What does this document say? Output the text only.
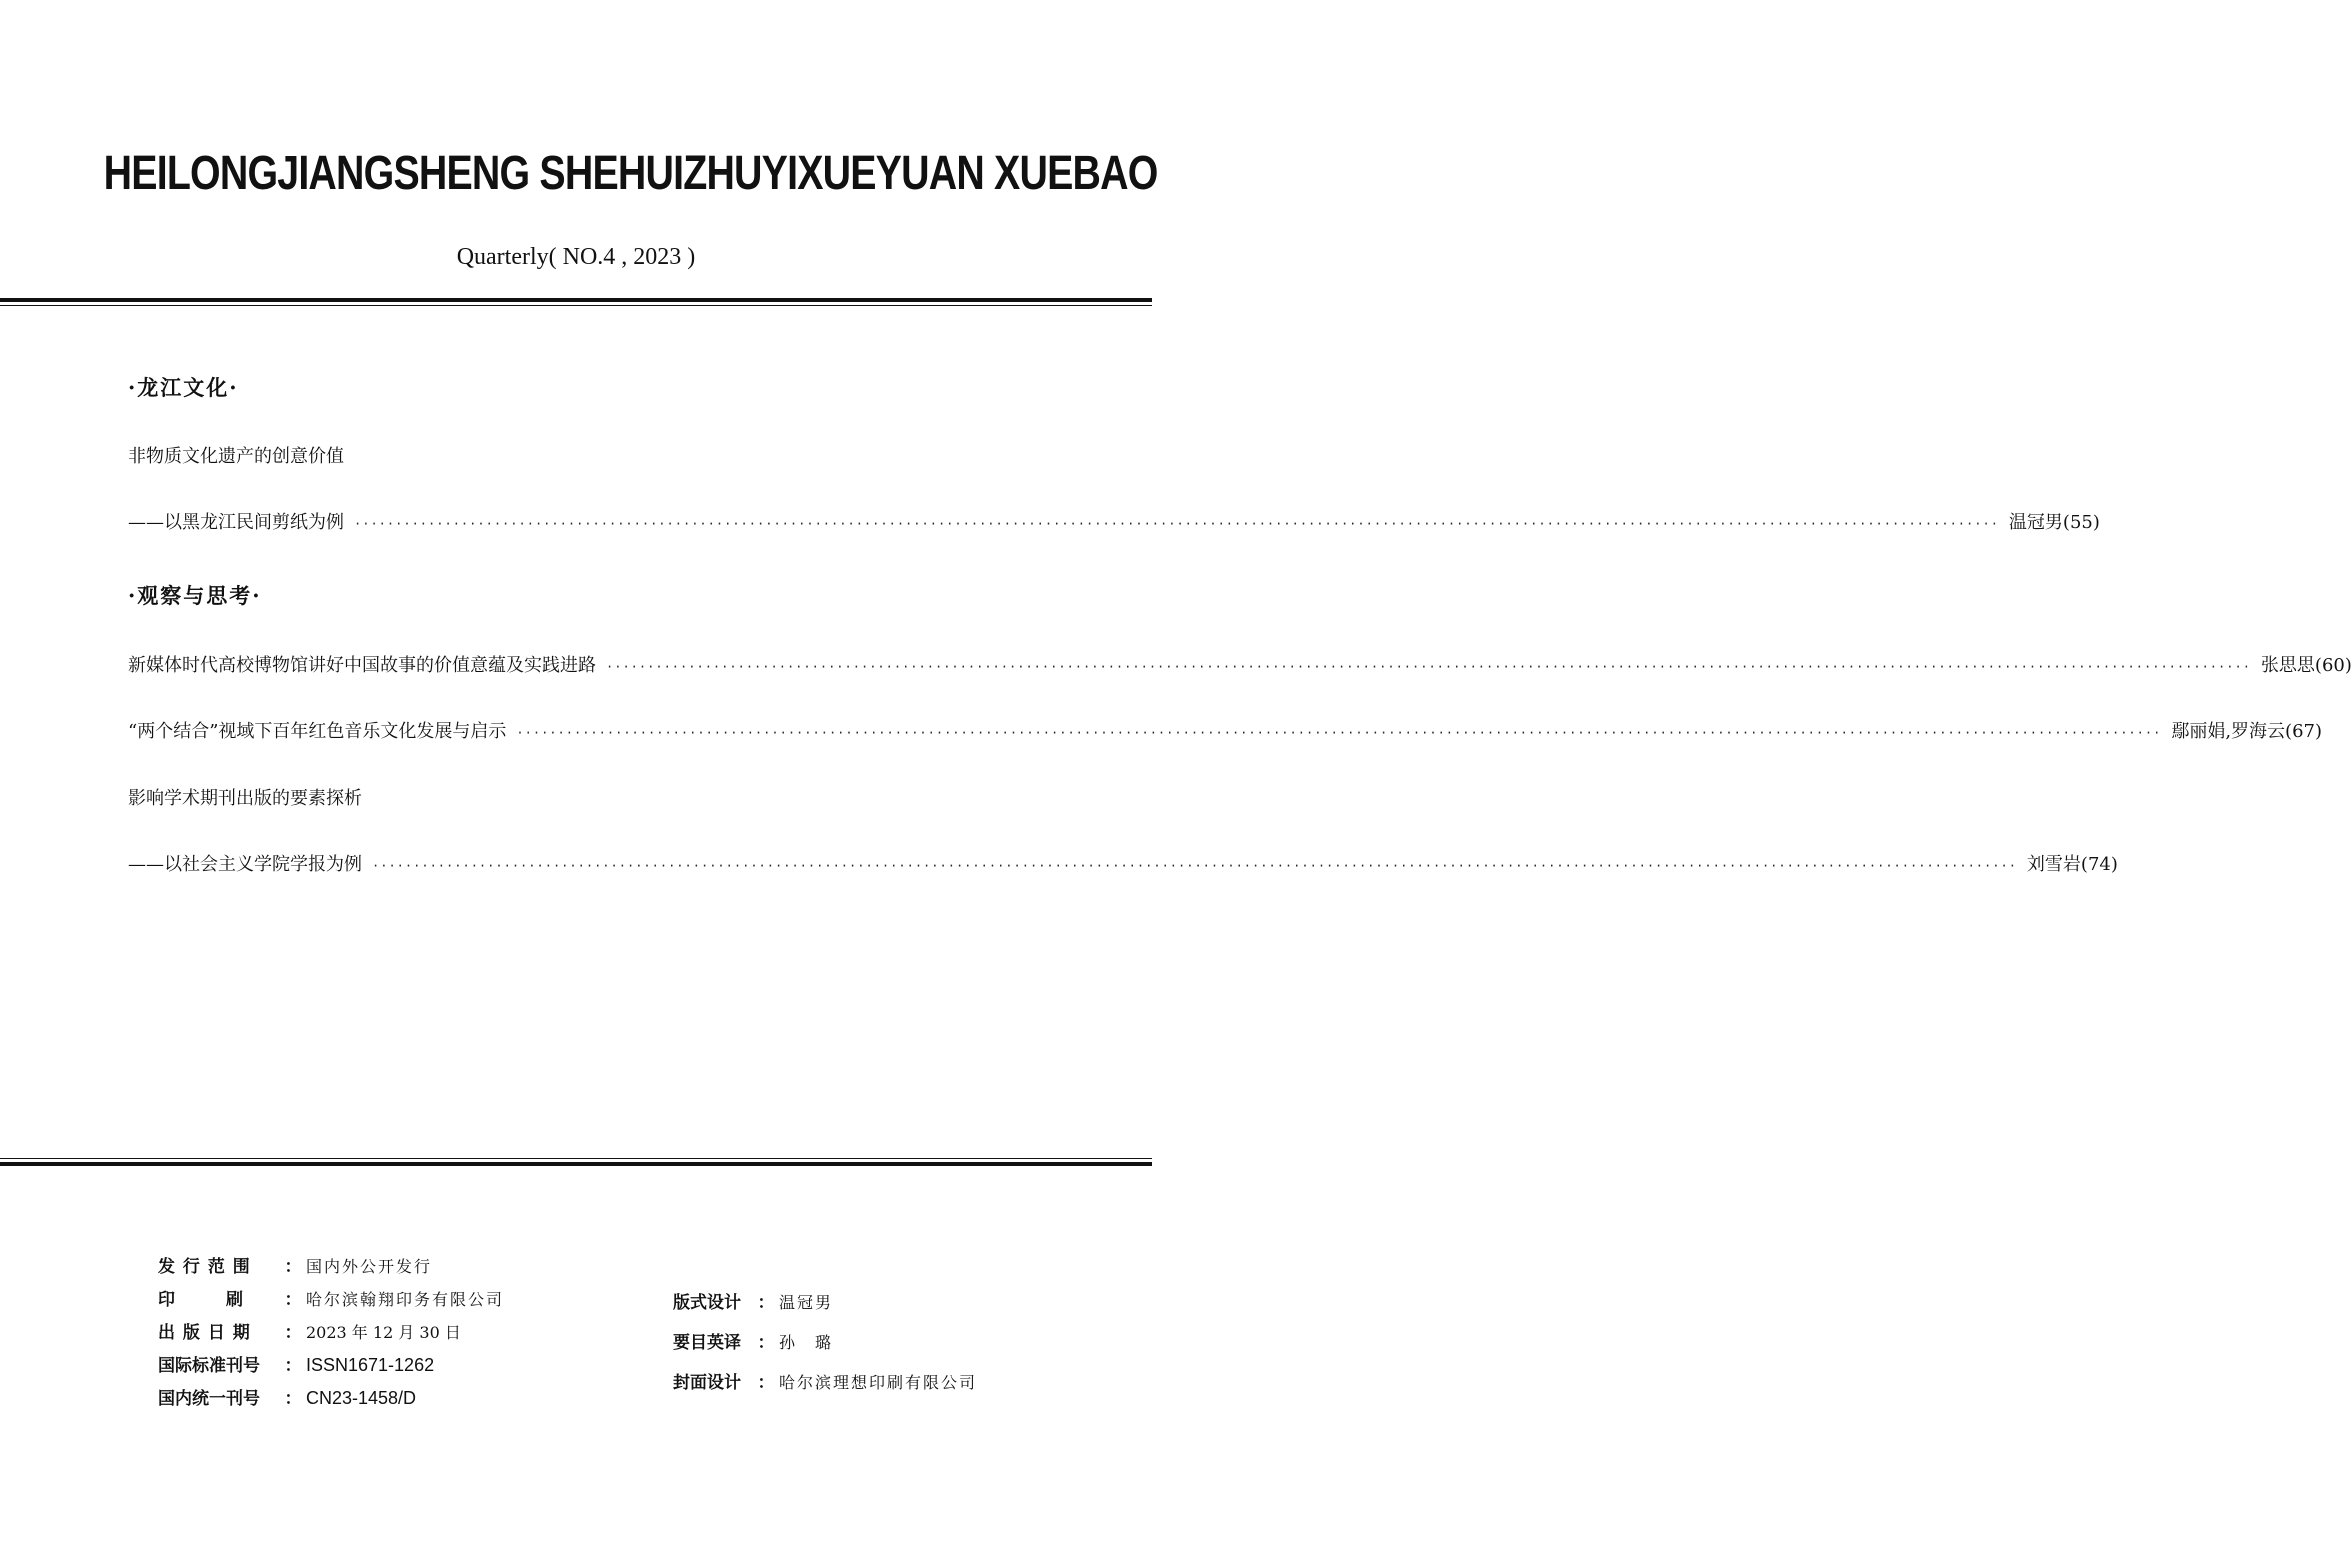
HEILONGJIANGSHENG SHEHUIZHUYIXUEYUAN XUEBAO
Quarterly( NO.4 , 2023 )
·龙江文化·
非物质文化遗产的创意价值
——以黑龙江民间剪纸为例 ········································································································································································································ 温冠男(55)
·观察与思考·
新媒体时代高校博物馆讲好中国故事的价值意蕴及实践进路 ········································································································································································································ 张思思(60)
“两个结合”视域下百年红色音乐文化发展与启示 ········································································································································································································ 鄢丽娟,罗海云(67)
影响学术期刊出版的要素探析
——以社会主义学院学报为例 ········································································································································································································ 刘雪岩(74)
发 行 范 围	： 国内外公开发行
印　　　刷	： 哈尔滨翰翔印务有限公司
出 版 日 期	： 2023 年 12 月 30 日
国际标准刊号	： ISSN1671-1262
国内统一刊号	： CN23-1458/D
版式设计 ： 温冠男
要目英译 ： 孙　璐
封面设计 ： 哈尔滨理想印刷有限公司
